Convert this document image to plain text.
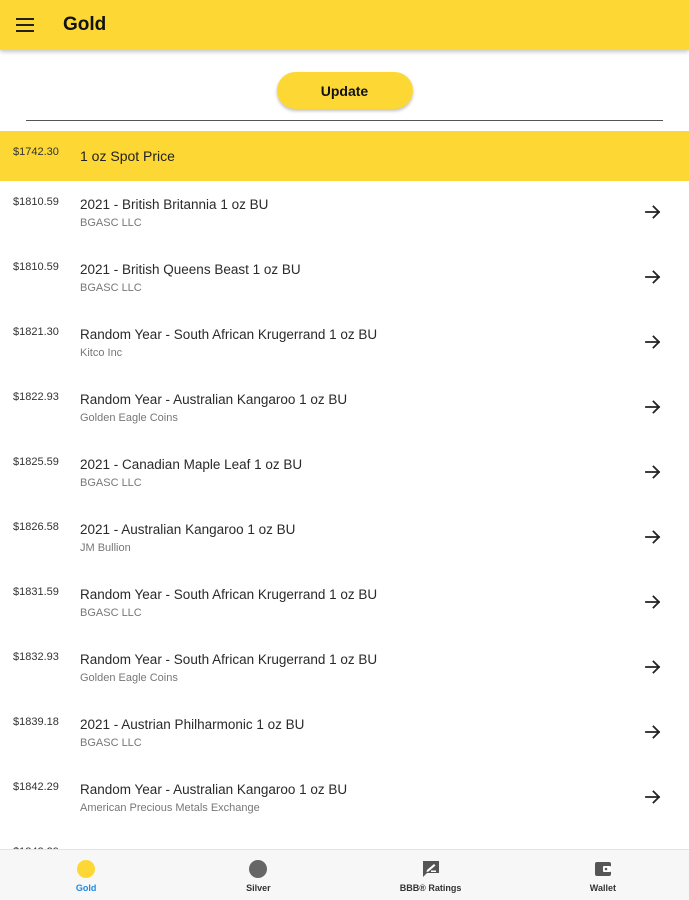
Gold
Update
$1742.30 1 oz Spot Price
$1810.59 2021 - British Britannia 1 oz BU
BGASC LLC
$1810.59 2021 - British Queens Beast 1 oz BU
BGASC LLC
$1821.30 Random Year - South African Krugerrand 1 oz BU
Kitco Inc
$1822.93 Random Year - Australian Kangaroo 1 oz BU
Golden Eagle Coins
$1825.59 2021 - Canadian Maple Leaf 1 oz BU
BGASC LLC
$1826.58 2021 - Australian Kangaroo 1 oz BU
JM Bullion
$1831.59 Random Year - South African Krugerrand 1 oz BU
BGASC LLC
$1832.93 Random Year - South African Krugerrand 1 oz BU
Golden Eagle Coins
$1839.18 2021 - Austrian Philharmonic 1 oz BU
BGASC LLC
$1842.29 Random Year - Australian Kangaroo 1 oz BU
American Precious Metals Exchange
Gold	Silver	BBB® Ratings	Wallet
